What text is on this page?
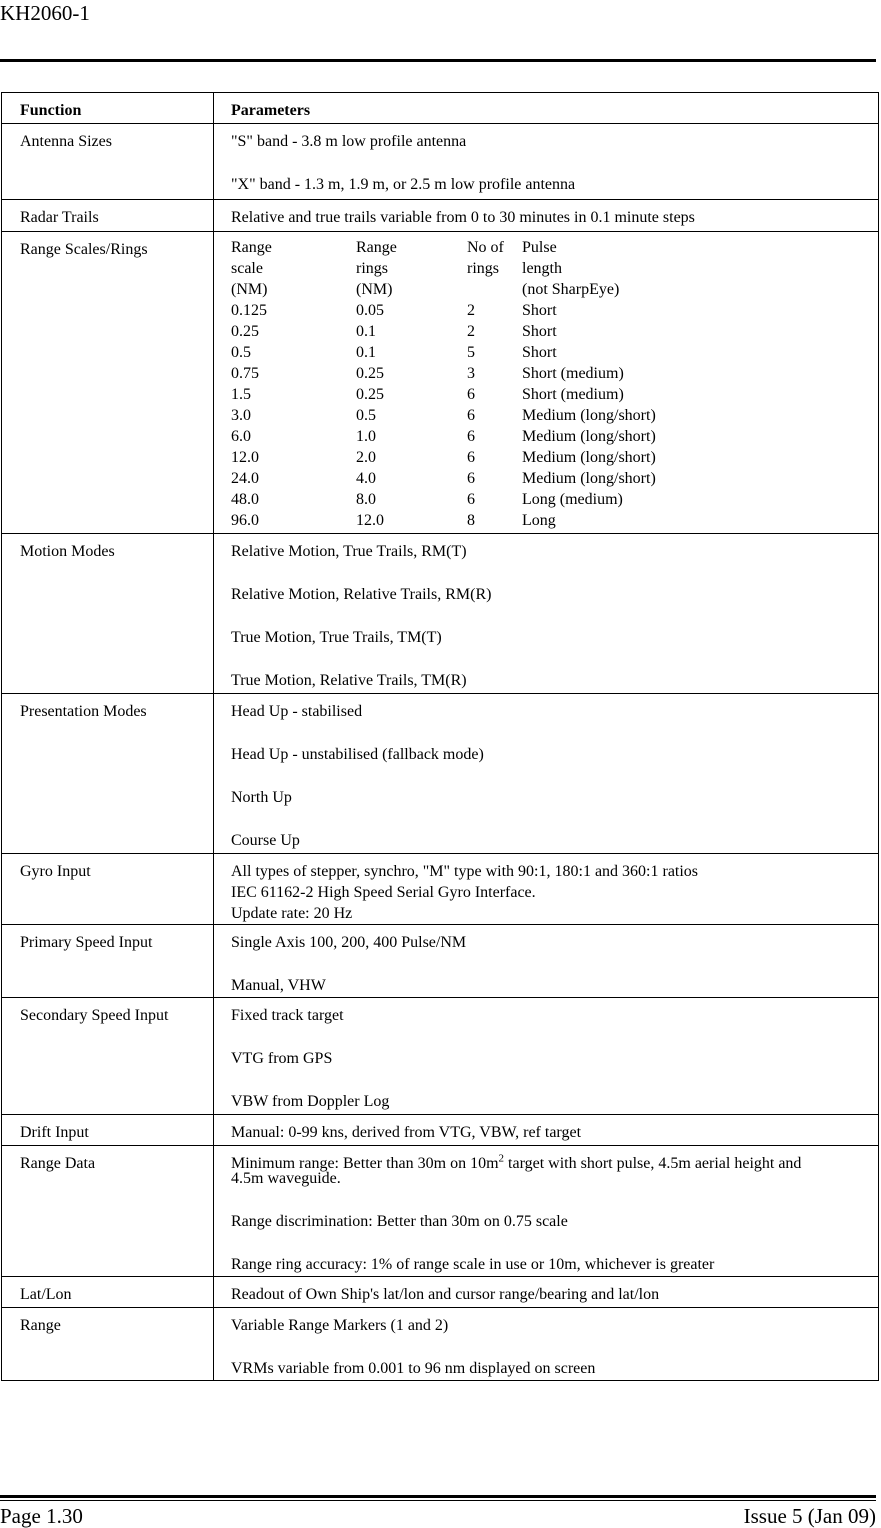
KH2060-1
Function	Parameters
Antenna Sizes	"S" band - 3.8 m low profile antenna
"X" band - 1.3 m, 1.9 m, or 2.5 m low profile antenna

Radar Trails	Relative and true trails variable from 0 to 30 minutes in 0.1 minute steps

Range Scales/Rings		Range	Range	No of	Pulse
scale	rings	rings	length
(NM)	(NM)		(not SharpEye)
0.125	0.05	2	Short
0.25	0.1	2	Short
0.5	0.1	5	Short
0.75	0.25	3	Short (medium)
1.5	0.25	6	Short (medium)
3.0	0.5	6	Medium (long/short)
6.0	1.0	6	Medium (long/short)
12.0	2.0	6	Medium (long/short)
24.0	4.0	6	Medium (long/short)
48.0	8.0	6	Long (medium)
96.0	12.0	8	Long

Motion Modes	Relative Motion, True Trails, RM(T)
Relative Motion, Relative Trails, RM(R)
True Motion, True Trails, TM(T)
True Motion, Relative Trails, TM(R)

Presentation Modes	Head Up - stabilised
Head Up - unstabilised (fallback mode)
North Up
Course Up

Gyro Input	All types of stepper, synchro, "M" type with 90:1, 180:1 and 360:1 ratios
IEC 61162-2 High Speed Serial Gyro Interface.
Update rate: 20 Hz

Primary Speed Input	Single Axis 100, 200, 400 Pulse/NM
Manual, VHW

Secondary Speed Input	Fixed track target
VTG from GPS
VBW from Doppler Log

Drift Input	Manual: 0-99 kns, derived from VTG, VBW, ref target

Range Data	Minimum range: Better than 30m on $10m^2$ target with short pulse, 4.5m aerial height and
4.5m waveguide.
Range discrimination: Better than 30m on 0.75 scale
Range ring accuracy: 1% of range scale in use or 10m, whichever is greater

Lat/Lon	Readout of Own Ship's lat/lon and cursor range/bearing and lat/lon

Range	Variable Range Markers (1 and 2)
VRMs variable from 0.001 to 96 nm displayed on screen
Page 1.30	Issue 5 (Jan 09)
